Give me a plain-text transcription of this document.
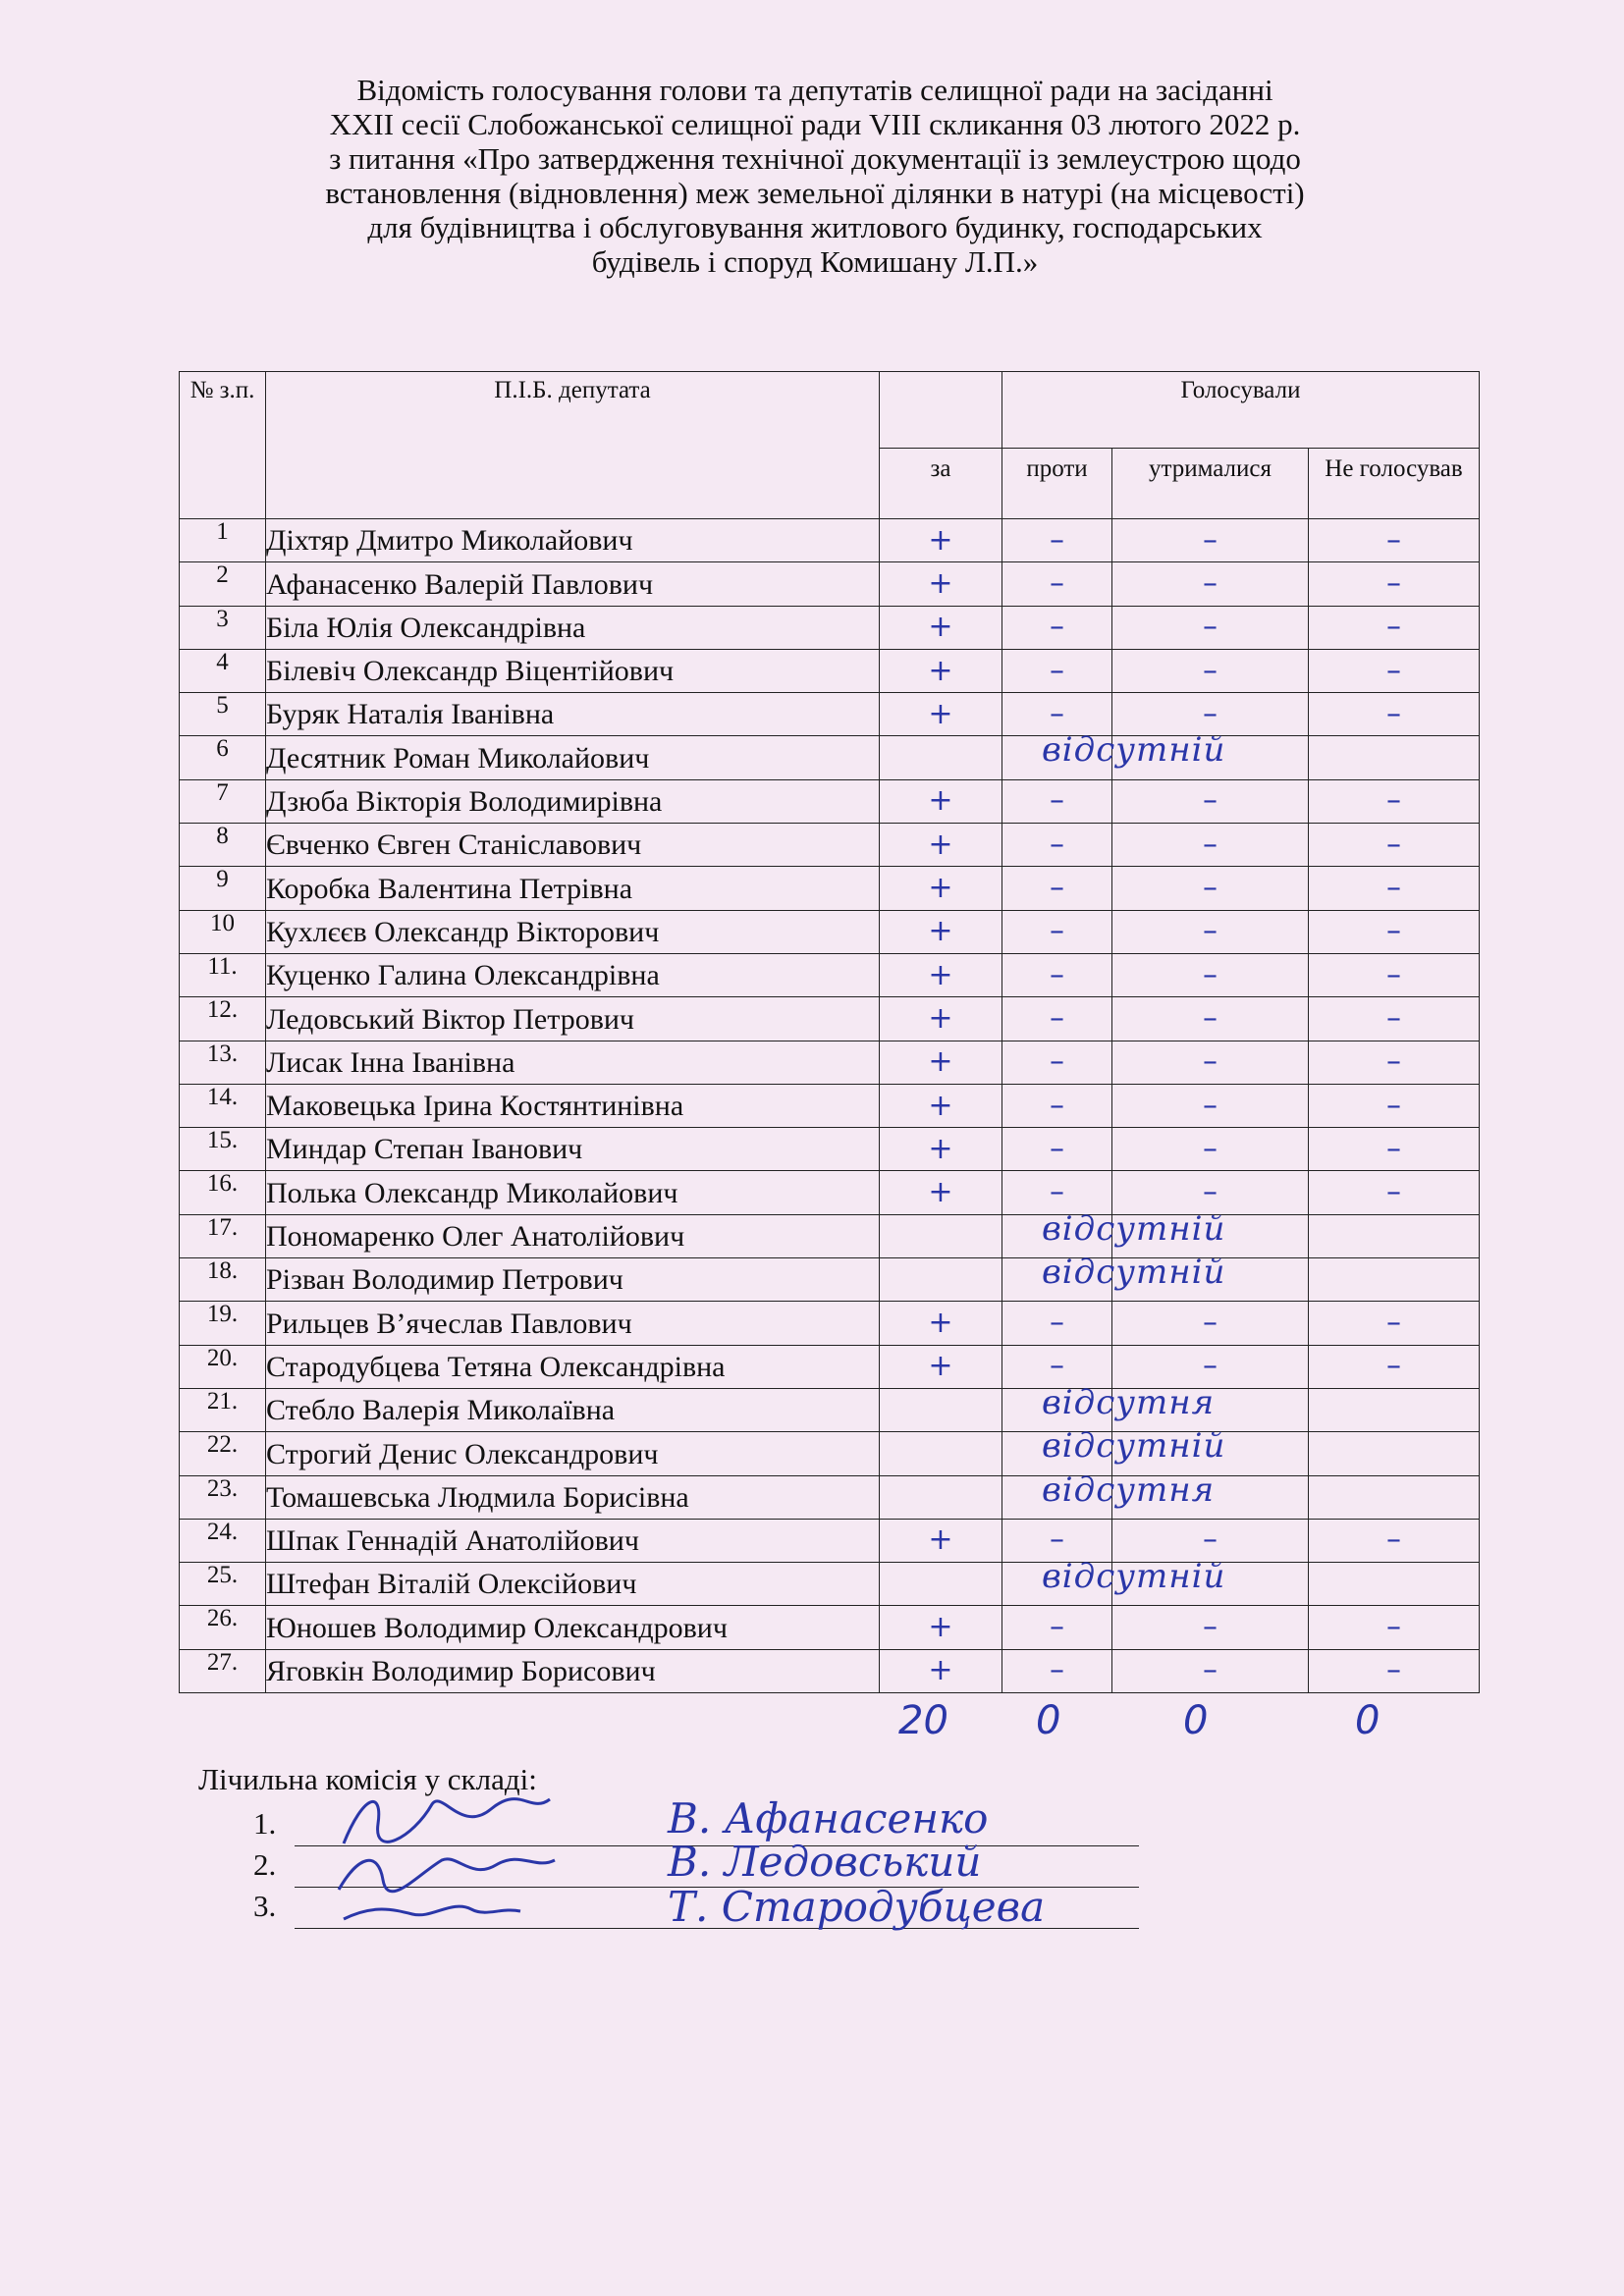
Відомість голосування голови та депутатів селищної ради на засіданні
XXII сесії Слобожанської селищної ради VIII скликання 03 лютого 2022 р.
з питання «Про затвердження технічної документації із землеустрою щодо
встановлення (відновлення) меж земельної ділянки в натурі (на місцевості)
для будівництва і обслуговування житлового будинку, господарських
будівель і споруд Комишану Л.П.»
№ з.п.	П.І.Б. депутата		Голосували		
		за	проти	утрималися	Не голосував
1	Діхтяр Дмитро Миколайович	+	–	–	–
2	Афанасенко Валерій Павлович	+	–	–	–
3	Біла Юлія Олександрівна	+	–	–	–
4	Білевіч Олександр Віцентійович	+	–	–	–
5	Буряк Наталія Іванівна	+	–	–	–
6	Десятник Роман Миколайович	відсутній			

7	Дзюба Вікторія Володимирівна	+	–	–	–
8	Євченко Євген Станіславович	+	–	–	–
9	Коробка Валентина Петрівна	+	–	–	–
10	Кухлєєв Олександр Вікторович	+	–	–	–
11.	Куценко Галина Олександрівна	+	–	–	–
12.	Ледовський Віктор Петрович	+	–	–	–
13.	Лисак Інна Іванівна	+	–	–	–
14.	Маковецька Ірина Костянтинівна	+	–	–	–
15.	Миндар Степан Іванович	+	–	–	–
16.	Полька Олександр Миколайович	+	–	–	–
17.	Пономаренко Олег Анатолійович	відсутній			

18.	Різван Володимир Петрович	відсутній			

19.	Рильцев В’ячеслав Павлович	+	–	–	–
20.	Стародубцева Тетяна Олександрівна	+	–	–	–
21.	Стебло Валерія Миколаївна	відсутня			

22.	Строгий Денис Олександрович	відсутній			

23.	Томашевська Людмила Борисівна	відсутня			

24.	Шпак Геннадій Анатолійович	+	–	–	–
25.	Штефан Віталій Олексійович	відсутній			

26.	Юношев Володимир Олександрович	+	–	–	–
27.	Яговкін Володимир Борисович	+	–	–	–
20 0	0	0
Лічильна комісія у складі:
1.	В. Афанасенко
2.	В. Ледовський
3.	Т. Стародубцева
